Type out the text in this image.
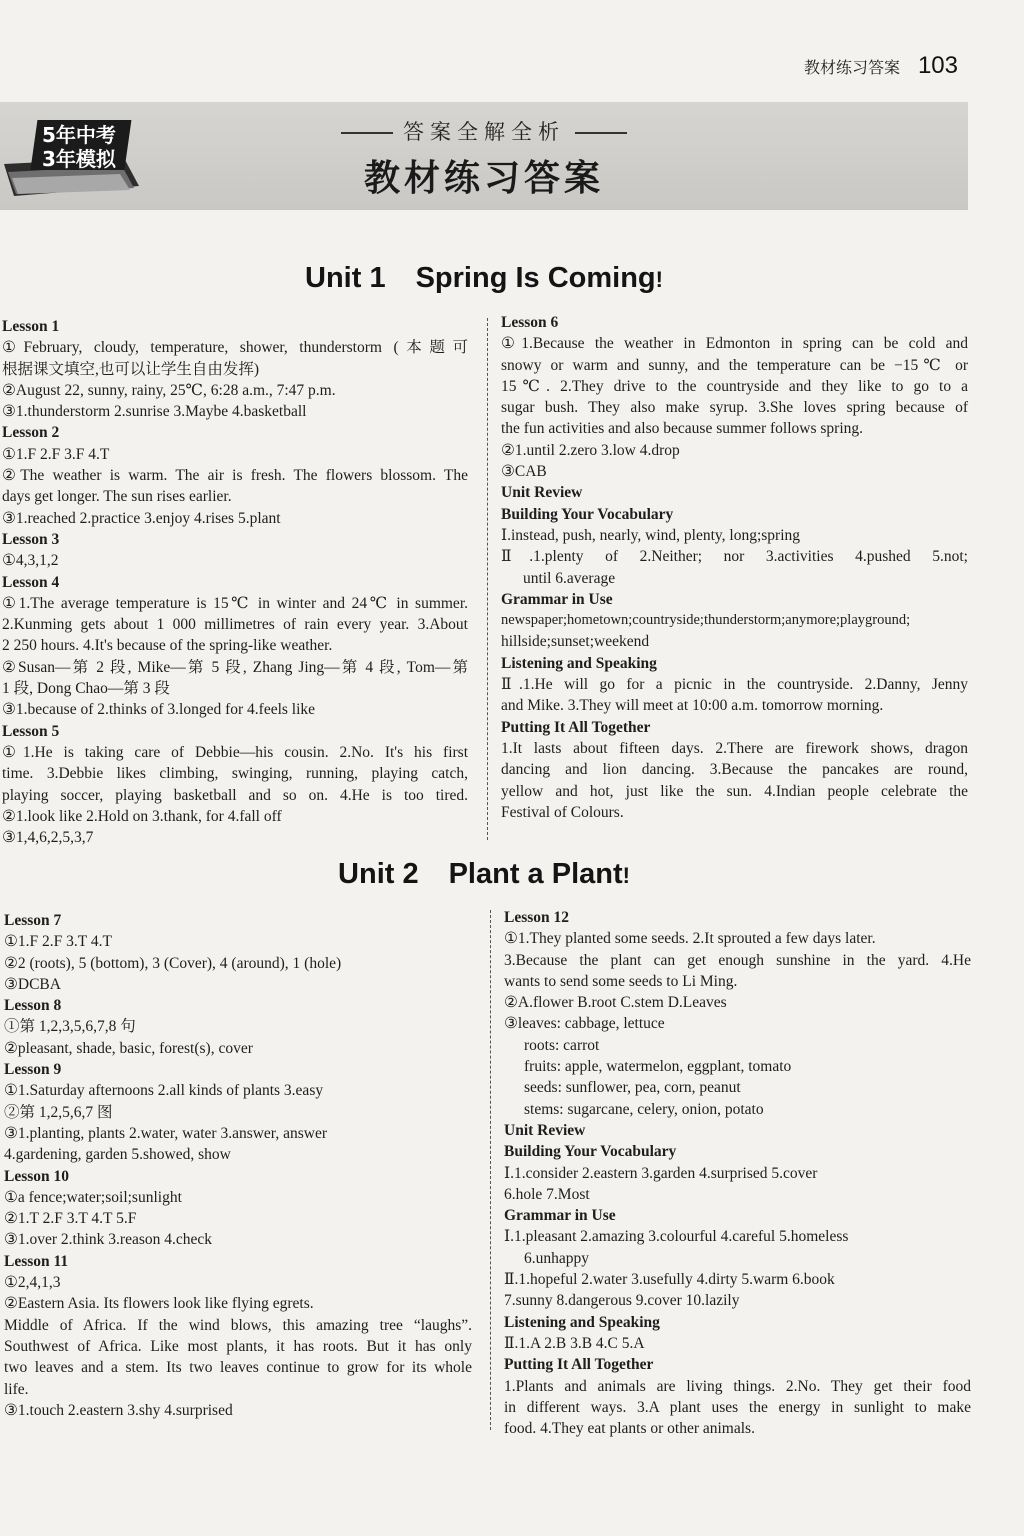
教材练习答案 103
5年中考
3年模拟
答案全解全析
教材练习答案
Unit 1 Spring Is Coming!
Lesson 1
①February, cloudy, temperature, shower, thunderstorm (本题可
根据课文填空,也可以让学生自由发挥)
②August 22, sunny, rainy, 25℃, 6:28 a.m., 7:47 p.m.
③1.thunderstorm 2.sunrise 3.Maybe 4.basketball
Lesson 2
①1.F 2.F 3.F 4.T
②The weather is warm. The air is fresh. The flowers blossom. The
days get longer. The sun rises earlier.
③1.reached 2.practice 3.enjoy 4.rises 5.plant
Lesson 3
①4,3,1,2
Lesson 4
①1.The average temperature is 15℃ in winter and 24℃ in summer.
2.Kunming gets about 1 000 millimetres of rain every year. 3.About
2 250 hours. 4.It's because of the spring-like weather.
②Susan—第 2 段, Mike—第 5 段, Zhang Jing—第 4 段, Tom—第
1 段, Dong Chao—第 3 段
③1.because of 2.thinks of 3.longed for 4.feels like
Lesson 5
①1.He is taking care of Debbie—his cousin. 2.No. It's his first
time. 3.Debbie likes climbing, swinging, running, playing catch,
playing soccer, playing basketball and so on. 4.He is too tired.
②1.look like 2.Hold on 3.thank, for 4.fall off
③1,4,6,2,5,3,7
Lesson 6
①1.Because the weather in Edmonton in spring can be cold and
snowy or warm and sunny, and the temperature can be −15℃ or
15℃. 2.They drive to the countryside and they like to go to a
sugar bush. They also make syrup. 3.She loves spring because of
the fun activities and also because summer follows spring.
②1.until 2.zero 3.low 4.drop
③CAB
Unit Review
Building Your Vocabulary
Ⅰ.instead, push, nearly, wind, plenty, long;spring
Ⅱ.1.plenty of 2.Neither; nor 3.activities 4.pushed 5.not;
until 6.average
Grammar in Use
newspaper;hometown;countryside;thunderstorm;anymore;playground;
hillside;sunset;weekend
Listening and Speaking
Ⅱ.1.He will go for a picnic in the countryside. 2.Danny, Jenny
and Mike. 3.They will meet at 10:00 a.m. tomorrow morning.
Putting It All Together
1.It lasts about fifteen days. 2.There are firework shows, dragon
dancing and lion dancing. 3.Because the pancakes are round,
yellow and hot, just like the sun. 4.Indian people celebrate the
Festival of Colours.
Unit 2 Plant a Plant!
Lesson 7
①1.F 2.F 3.T 4.T
②2 (roots), 5 (bottom), 3 (Cover), 4 (around), 1 (hole)
③DCBA
Lesson 8
①第 1,2,3,5,6,7,8 句
②pleasant, shade, basic, forest(s), cover
Lesson 9
①1.Saturday afternoons 2.all kinds of plants 3.easy
②第 1,2,5,6,7 图
③1.planting, plants 2.water, water 3.answer, answer
4.gardening, garden 5.showed, show
Lesson 10
①a fence;water;soil;sunlight
②1.T 2.F 3.T 4.T 5.F
③1.over 2.think 3.reason 4.check
Lesson 11
①2,4,1,3
②Eastern Asia. Its flowers look like flying egrets.
Middle of Africa. If the wind blows, this amazing tree “laughs”.
Southwest of Africa. Like most plants, it has roots. But it has only
two leaves and a stem. Its two leaves continue to grow for its whole
life.
③1.touch 2.eastern 3.shy 4.surprised
Lesson 12
①1.They planted some seeds. 2.It sprouted a few days later.
3.Because the plant can get enough sunshine in the yard. 4.He
wants to send some seeds to Li Ming.
②A.flower B.root C.stem D.Leaves
③leaves: cabbage, lettuce
roots: carrot
fruits: apple, watermelon, eggplant, tomato
seeds: sunflower, pea, corn, peanut
stems: sugarcane, celery, onion, potato
Unit Review
Building Your Vocabulary
Ⅰ.1.consider 2.eastern 3.garden 4.surprised 5.cover
6.hole 7.Most
Grammar in Use
Ⅰ.1.pleasant 2.amazing 3.colourful 4.careful 5.homeless
6.unhappy
Ⅱ.1.hopeful 2.water 3.usefully 4.dirty 5.warm 6.book
7.sunny 8.dangerous 9.cover 10.lazily
Listening and Speaking
Ⅱ.1.A 2.B 3.B 4.C 5.A
Putting It All Together
1.Plants and animals are living things. 2.No. They get their food
in different ways. 3.A plant uses the energy in sunlight to make
food. 4.They eat plants or other animals.
